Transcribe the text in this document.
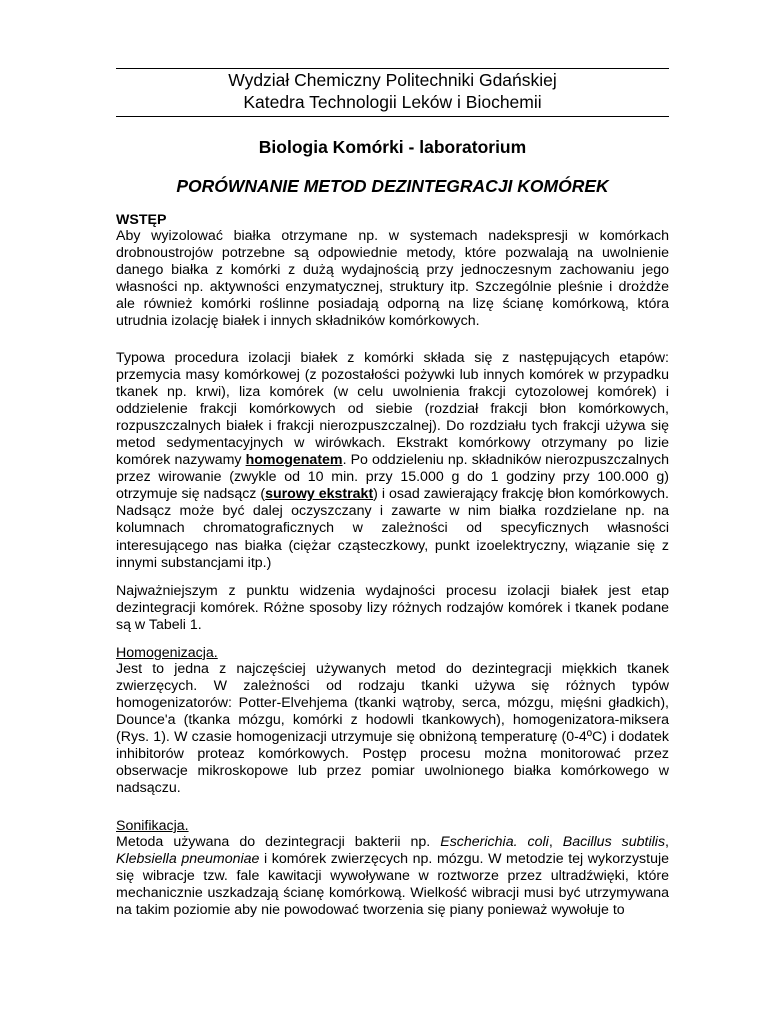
Wydział Chemiczny Politechniki Gdańskiej
Katedra Technologii Leków i Biochemii
Biologia Komórki - laboratorium
PORÓWNANIE METOD DEZINTEGRACJI KOMÓREK
WSTĘP
Aby wyizolować białka otrzymane np. w systemach nadekspresji w komórkach drobnoustrojów potrzebne są odpowiednie metody, które pozwalają na uwolnienie danego białka z komórki z dużą wydajnością przy jednoczesnym zachowaniu jego własności np. aktywności enzymatycznej, struktury itp. Szczególnie pleśnie i drożdże ale również komórki roślinne posiadają odporną na lizę ścianę komórkową, która utrudnia izolację białek i innych składników komórkowych.
Typowa procedura izolacji białek z komórki składa się z następujących etapów: przemycia masy komórkowej (z pozostałości pożywki lub innych komórek w przypadku tkanek np. krwi), liza komórek (w celu uwolnienia frakcji cytozolowej komórek) i oddzielenie frakcji komórkowych od siebie (rozdział frakcji błon komórkowych, rozpuszczalnych białek i frakcji nierozpuszczalnej). Do rozdziału tych frakcji używa się metod sedymentacyjnych w wirówkach. Ekstrakt komórkowy otrzymany po lizie komórek nazywamy homogenatem. Po oddzieleniu np. składników nierozpuszczalnych przez wirowanie (zwykle od 10 min. przy 15.000 g do 1 godziny przy 100.000 g) otrzymuje się nadsącz (surowy ekstrakt) i osad zawierający frakcję błon komórkowych. Nadsącz może być dalej oczyszczany i zawarte w nim białka rozdzielane np. na kolumnach chromatograficznych w zależności od specyficznych własności interesującego nas białka (ciężar cząsteczkowy, punkt izoelektryczny, wiązanie się z innymi substancjami itp.)
Najważniejszym z punktu widzenia wydajności procesu izolacji białek jest etap dezintegracji komórek. Różne sposoby lizy różnych rodzajów komórek i tkanek podane są w Tabeli 1.
Homogenizacja.
Jest to jedna z najczęściej używanych metod do dezintegracji miękkich tkanek zwierzęcych. W zależności od rodzaju tkanki używa się różnych typów homogenizatorów: Potter-Elvehjema (tkanki wątroby, serca, mózgu, mięśni gładkich), Dounce'a (tkanka mózgu, komórki z hodowli tkankowych), homogenizatora-miksera (Rys. 1). W czasie homogenizacji utrzymuje się obniżoną temperaturę (0-4ºC) i dodatek inhibitorów proteaz komórkowych. Postęp procesu można monitorować przez obserwacje mikroskopowe lub przez pomiar uwolnionego białka komórkowego w nadsączu.
Sonifikacja.
Metoda używana do dezintegracji bakterii np. Escherichia. coli, Bacillus subtilis, Klebsiella pneumoniae i komórek zwierzęcych np. mózgu. W metodzie tej wykorzystuje się wibracje tzw. fale kawitacji wywoływane w roztworze przez ultradźwięki, które mechanicznie uszkadzają ścianę komórkową. Wielkość wibracji musi być utrzymywana na takim poziomie aby nie powodować tworzenia się piany ponieważ wywołuje to
